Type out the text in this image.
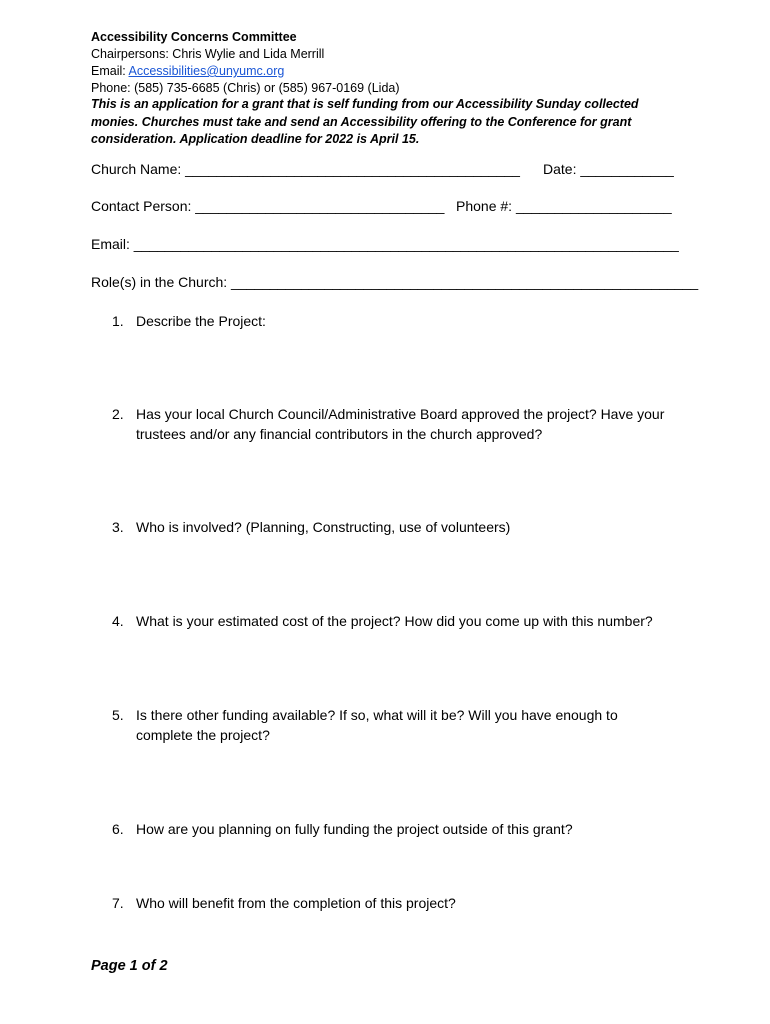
Accessibility Concerns Committee
Chairpersons: Chris Wylie and Lida Merrill
Email: Accessibilities@unyumc.org
Phone: (585) 735-6685 (Chris) or (585) 967-0169 (Lida)
This is an application for a grant that is self funding from our Accessibility Sunday collected monies. Churches must take and send an Accessibility offering to the Conference for grant consideration. Application deadline for 2022 is April 15.
Church Name: ___________________________________________ Date: ____________
Contact Person: ________________________________ Phone #: ____________________
Email: ______________________________________________________________________
Role(s) in the Church: ____________________________________________________________
1. Describe the Project:
2. Has your local Church Council/Administrative Board approved the project? Have your trustees and/or any financial contributors in the church approved?
3. Who is involved? (Planning, Constructing, use of volunteers)
4. What is your estimated cost of the project? How did you come up with this number?
5. Is there other funding available? If so, what will it be? Will you have enough to complete the project?
6. How are you planning on fully funding the project outside of this grant?
7. Who will benefit from the completion of this project?
Page 1 of 2
